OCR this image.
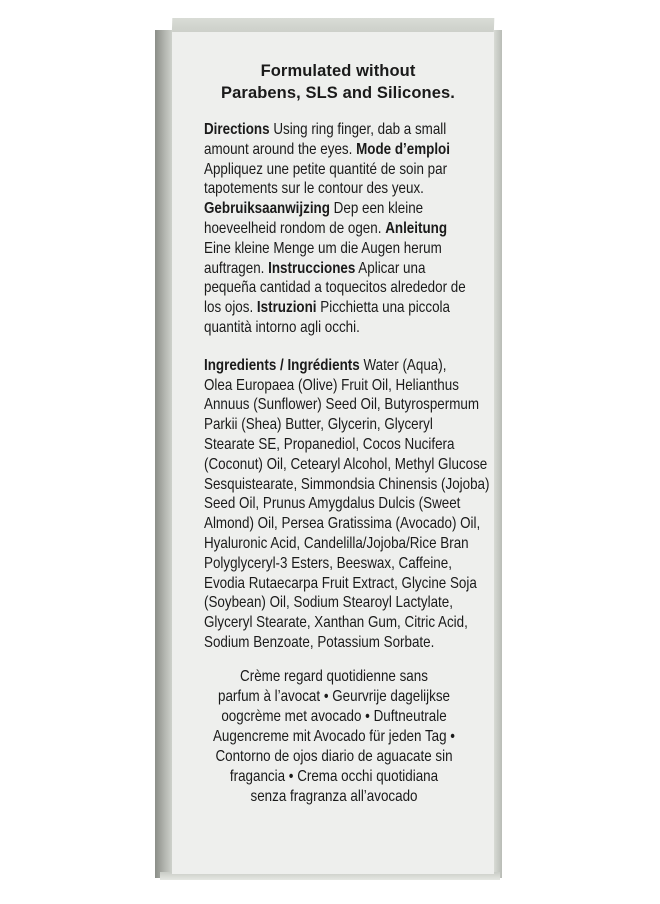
Formulated without
Parabens, SLS and Silicones.
Directions Using ring finger, dab a small
amount around the eyes. Mode d’emploi
Appliquez une petite quantité de soin par
tapotements sur le contour des yeux.
Gebruiksaanwijzing Dep een kleine
hoeveelheid rondom de ogen. Anleitung
Eine kleine Menge um die Augen herum
auftragen. Instrucciones Aplicar una
pequeña cantidad a toquecitos alrededor de
los ojos. Istruzioni Picchietta una piccola
quantità intorno agli occhi.
Ingredients / Ingrédients Water (Aqua),
Olea Europaea (Olive) Fruit Oil, Helianthus
Annuus (Sunflower) Seed Oil, Butyrospermum
Parkii (Shea) Butter, Glycerin, Glyceryl
Stearate SE, Propanediol, Cocos Nucifera
(Coconut) Oil, Cetearyl Alcohol, Methyl Glucose
Sesquistearate, Simmondsia Chinensis (Jojoba)
Seed Oil, Prunus Amygdalus Dulcis (Sweet
Almond) Oil, Persea Gratissima (Avocado) Oil,
Hyaluronic Acid, Candelilla/Jojoba/Rice Bran
Polyglyceryl-3 Esters, Beeswax, Caffeine,
Evodia Rutaecarpa Fruit Extract, Glycine Soja
(Soybean) Oil, Sodium Stearoyl Lactylate,
Glyceryl Stearate, Xanthan Gum, Citric Acid,
Sodium Benzoate, Potassium Sorbate.
Crème regard quotidienne sans
parfum à l’avocat • Geurvrije dagelijkse
oogcrème met avocado • Duftneutrale
Augencreme mit Avocado für jeden Tag •
Contorno de ojos diario de aguacate sin
fragancia • Crema occhi quotidiana
senza fragranza all’avocado
